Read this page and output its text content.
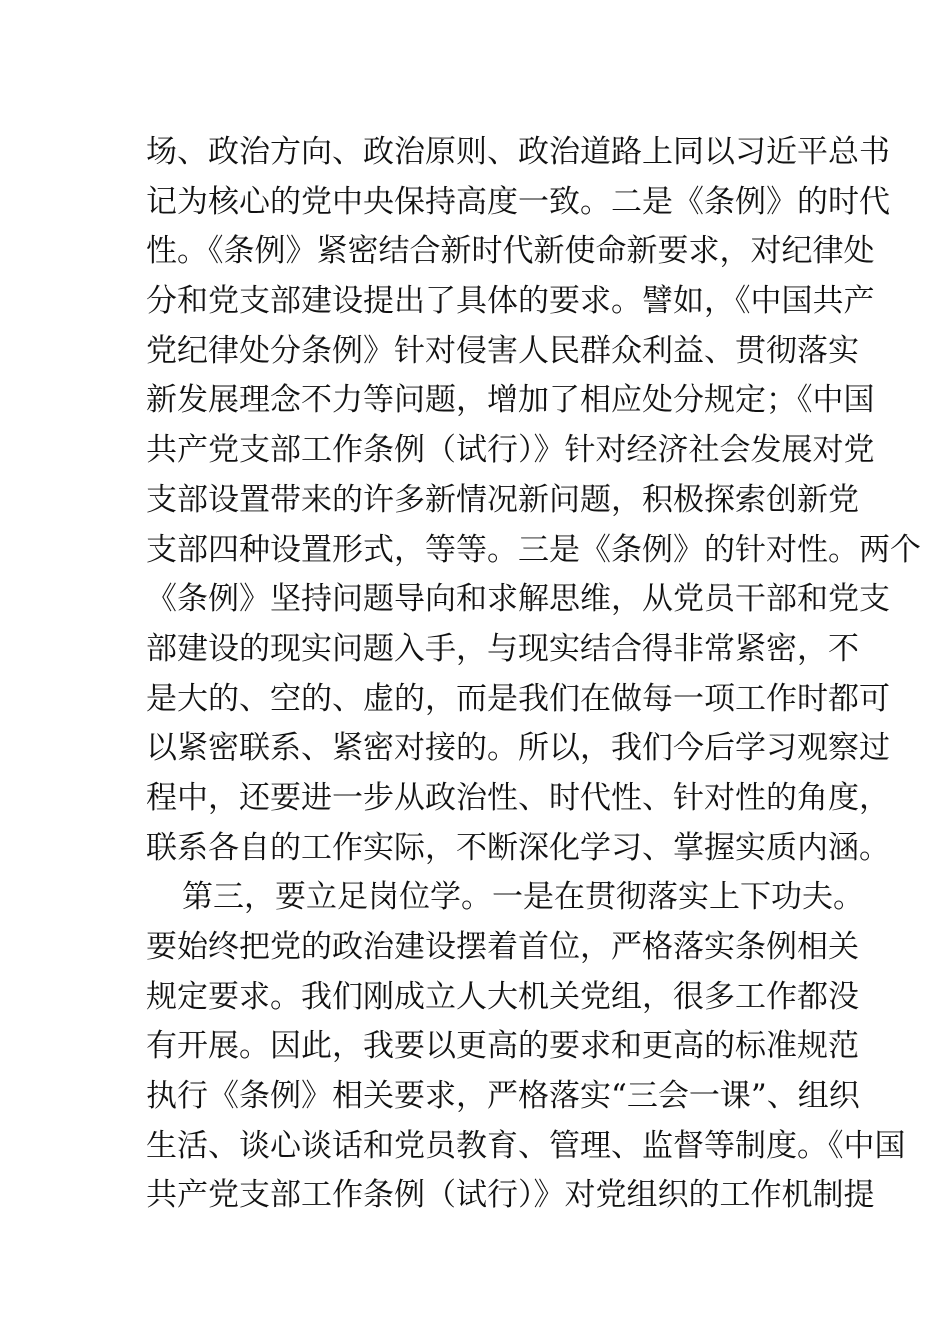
场、政治方向、政治原则、政治道路上同以习近平总书
记为核心的党中央保持高度一致。二是《条例》的时代
性。《条例》紧密结合新时代新使命新要求，对纪律处
分和党支部建设提出了具体的要求。譬如，《中国共产
党纪律处分条例》针对侵害人民群众利益、贯彻落实
新发展理念不力等问题，增加了相应处分规定；《中国
共产党支部工作条例（试行）》针对经济社会发展对党
支部设置带来的许多新情况新问题，积极探索创新党
支部四种设置形式，等等。三是《条例》的针对性。两个
《条例》坚持问题导向和求解思维，从党员干部和党支
部建设的现实问题入手，与现实结合得非常紧密，不
是大的、空的、虚的，而是我们在做每一项工作时都可
以紧密联系、紧密对接的。所以，我们今后学习观察过
程中，还要进一步从政治性、时代性、针对性的角度，
联系各自的工作实际，不断深化学习、掌握实质内涵。
第三，要立足岗位学。一是在贯彻落实上下功夫。
要始终把党的政治建设摆着首位，严格落实条例相关
规定要求。我们刚成立人大机关党组，很多工作都没
有开展。因此，我要以更高的要求和更高的标准规范
执行《条例》相关要求，严格落实“三会一课”、组织
生活、谈心谈话和党员教育、管理、监督等制度。《中国
共产党支部工作条例（试行）》对党组织的工作机制提
